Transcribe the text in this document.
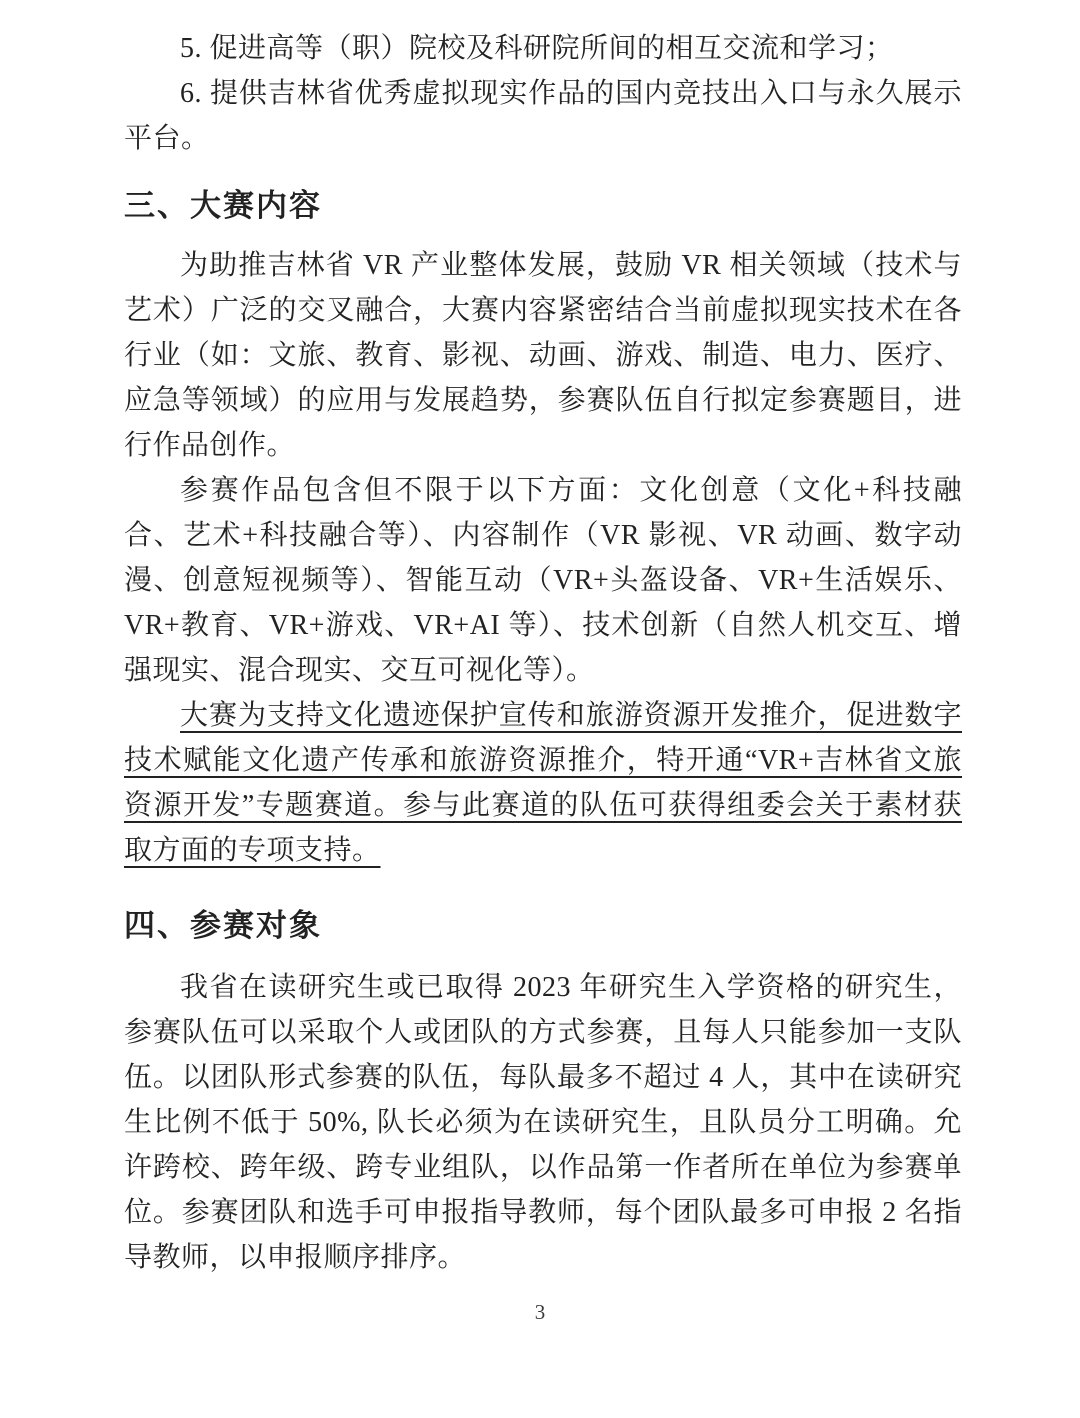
5. 促进高等（职）院校及科研院所间的相互交流和学习；

6. 提供吉林省优秀虚拟现实作品的国内竞技出入口与永久展示平台。

三、大赛内容

为助推吉林省 VR 产业整体发展，鼓励 VR 相关领域（技术与艺术）广泛的交叉融合，大赛内容紧密结合当前虚拟现实技术在各行业（如：文旅、教育、影视、动画、游戏、制造、电力、医疗、应急等领域）的应用与发展趋势，参赛队伍自行拟定参赛题目，进行作品创作。

参赛作品包含但不限于以下方面：文化创意（文化+科技融合、艺术+科技融合等）、内容制作（VR 影视、VR 动画、数字动漫、创意短视频等）、智能互动（VR+头盔设备、VR+生活娱乐、VR+教育、VR+游戏、VR+AI 等）、技术创新（自然人机交互、增强现实、混合现实、交互可视化等）。

大赛为支持文化遗迹保护宣传和旅游资源开发推介，促进数字技术赋能文化遗产传承和旅游资源推介，特开通“VR+吉林省文旅资源开发”专题赛道。参与此赛道的队伍可获得组委会关于素材获取方面的专项支持。

四、参赛对象

我省在读研究生或已取得 2023 年研究生入学资格的研究生，参赛队伍可以采取个人或团队的方式参赛，且每人只能参加一支队伍。以团队形式参赛的队伍，每队最多不超过 4 人，其中在读研究生比例不低于 50%, 队长必须为在读研究生，且队员分工明确。允许跨校、跨年级、跨专业组队，以作品第一作者所在单位为参赛单位。参赛团队和选手可申报指导教师，每个团队最多可申报 2 名指导教师，以申报顺序排序。

3
